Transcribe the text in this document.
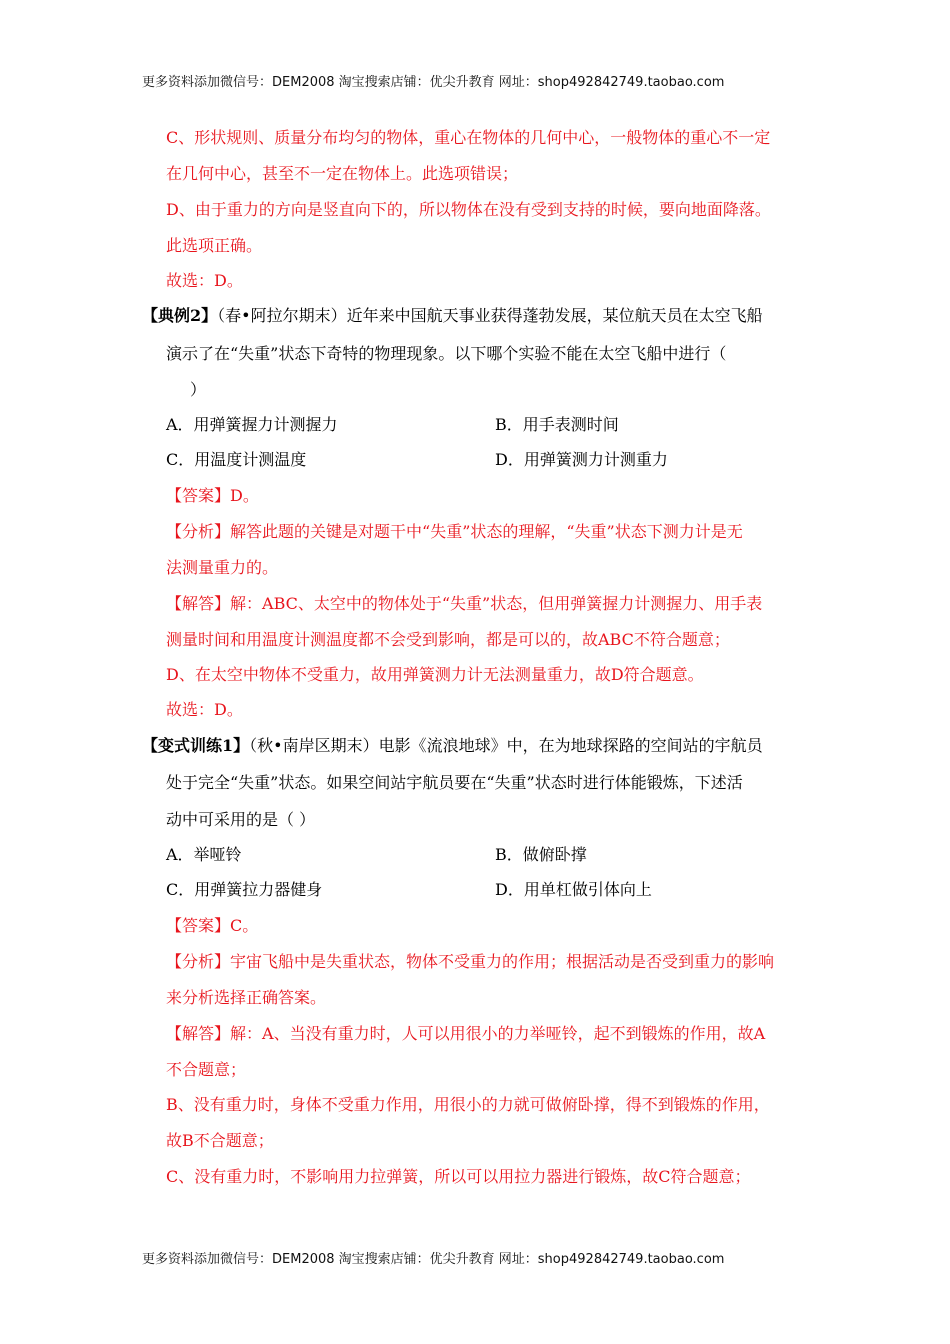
更多资料添加微信号：DEM2008 淘宝搜索店铺：优尖升教育 网址：shop492842749.taobao.com
C、形状规则、质量分布均匀的物体，重心在物体的几何中心，一般物体的重心不一定
在几何中心，甚至不一定在物体上。此选项错误；
D、由于重力的方向是竖直向下的，所以物体在没有受到支持的时候，要向地面降落。
此选项正确。
故选：D。
【典例2】（春•阿拉尔期末）近年来中国航天事业获得蓬勃发展，某位航天员在太空飞船
演示了在“失重”状态下奇特的物理现象。以下哪个实验不能在太空飞船中进行（
）
A．用弹簧握力计测握力	B．用手表测时间
C．用温度计测温度	D．用弹簧测力计测重力
【答案】D。
【分析】解答此题的关键是对题干中“失重”状态的理解，“失重”状态下测力计是无
法测量重力的。
【解答】解：ABC、太空中的物体处于“失重”状态，但用弹簧握力计测握力、用手表
测量时间和用温度计测温度都不会受到影响，都是可以的，故ABC不符合题意；
D、在太空中物体不受重力，故用弹簧测力计无法测量重力，故D符合题意。
故选：D。
【变式训练1】（秋•南岸区期末）电影《流浪地球》中，在为地球探路的空间站的宇航员
处于完全“失重”状态。如果空间站宇航员要在“失重”状态时进行体能锻炼，下述活
动中可采用的是（ ）
A．举哑铃	B．做俯卧撑
C．用弹簧拉力器健身	D．用单杠做引体向上
【答案】C。
【分析】宇宙飞船中是失重状态，物体不受重力的作用；根据活动是否受到重力的影响
来分析选择正确答案。
【解答】解：A、当没有重力时，人可以用很小的力举哑铃，起不到锻炼的作用，故A
不合题意；
B、没有重力时，身体不受重力作用，用很小的力就可做俯卧撑，得不到锻炼的作用，
故B不合题意；
C、没有重力时，不影响用力拉弹簧，所以可以用拉力器进行锻炼，故C符合题意；
更多资料添加微信号：DEM2008 淘宝搜索店铺：优尖升教育 网址：shop492842749.taobao.com
